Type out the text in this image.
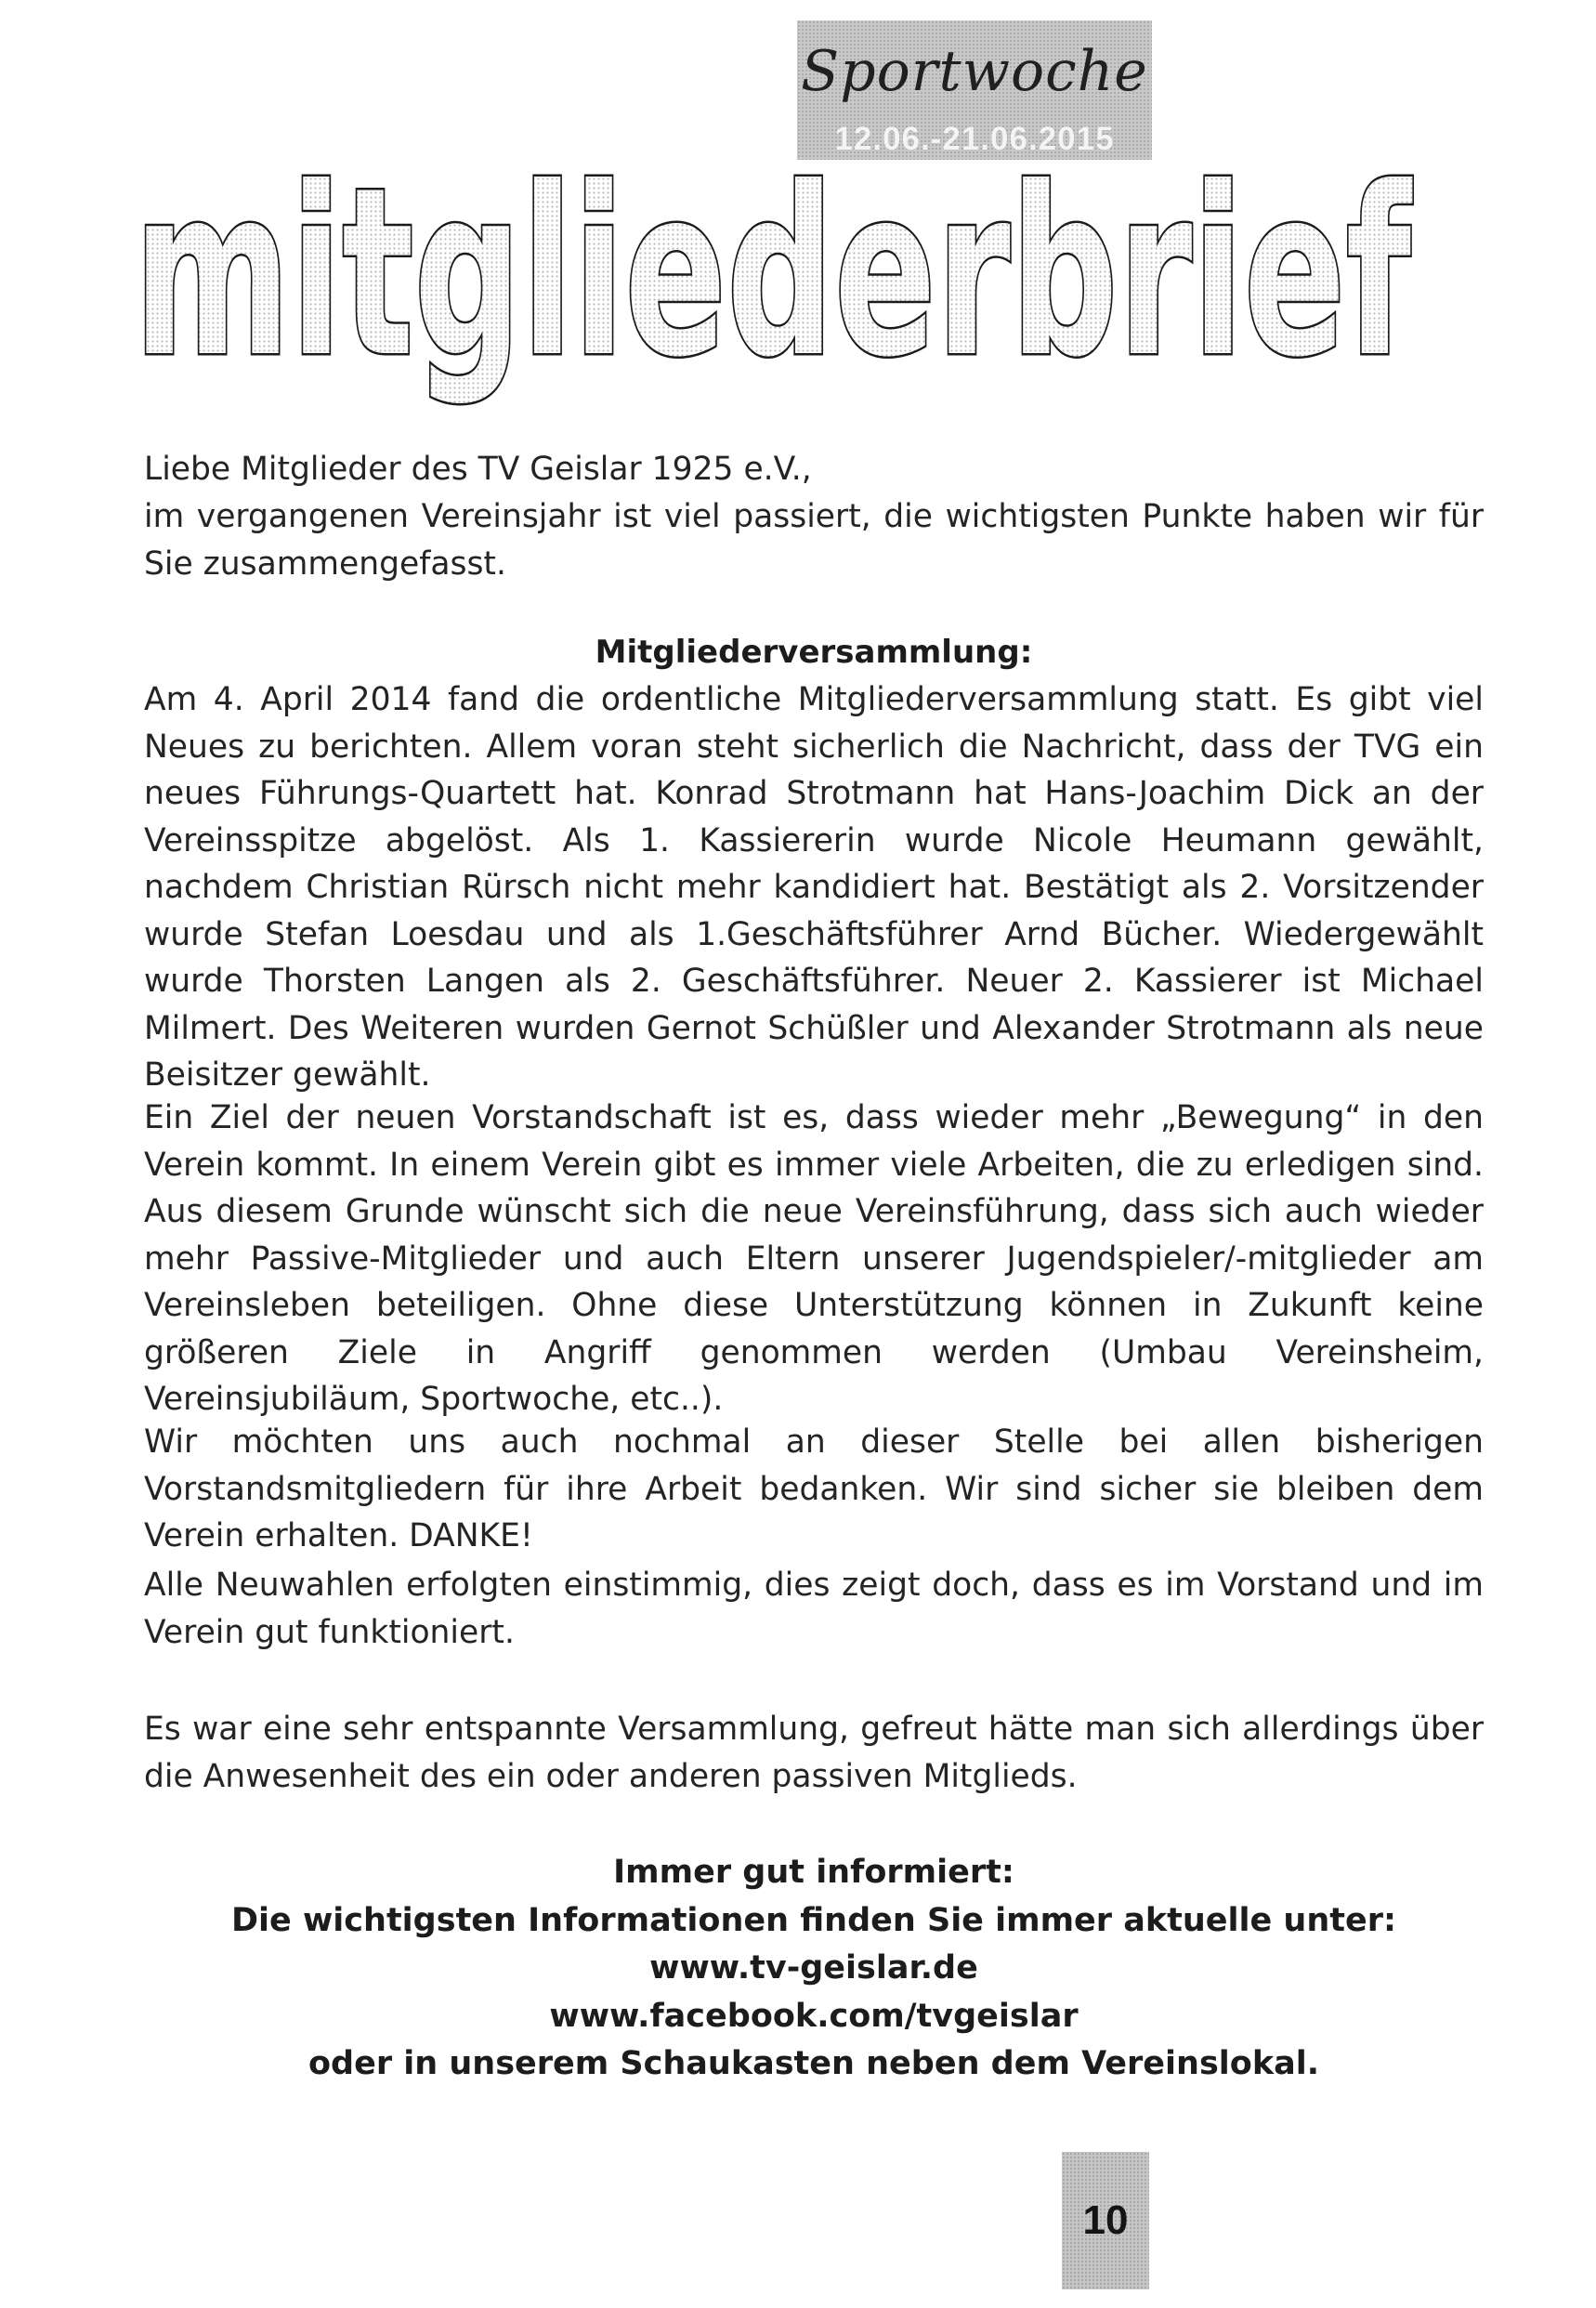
Sportwoche
12.06.-21.06.2015
mitgliederbrief

Liebe Mitglieder des TV Geislar 1925 e.V.,

im vergangenen Vereinsjahr ist viel passiert, die wichtigsten Punkte haben wir für Sie zusammengefasst.

Mitgliederversammlung:

Am 4. April 2014 fand die ordentliche Mitgliederversammlung statt. Es gibt viel Neues zu berichten. Allem voran steht sicherlich die Nachricht, dass der TVG ein neues Führungs-Quartett hat. Konrad Strotmann hat Hans-Joachim Dick an der Vereinsspitze abgelöst. Als 1. Kassiererin wurde Nicole Heumann gewählt, nachdem Christian Rürsch nicht mehr kandidiert hat. Bestätigt als 2. Vorsitzender wurde Stefan Loesdau und als 1.Geschäftsführer Arnd Bücher. Wiedergewählt wurde Thorsten Langen als 2. Geschäftsführer. Neuer 2. Kassierer ist Michael Milmert. Des Weiteren wurden Gernot Schüßler und Alexander Strotmann als neue Beisitzer gewählt.

Ein Ziel der neuen Vorstandschaft ist es, dass wieder mehr „Bewegung“ in den Verein kommt. In einem Verein gibt es immer viele Arbeiten, die zu erledigen sind. Aus diesem Grunde wünscht sich die neue Vereinsführung, dass sich auch wieder mehr Passive-Mitglieder und auch Eltern unserer Jugendspieler/-mitglieder am Vereinsleben beteiligen. Ohne diese Unterstützung können in Zukunft keine größeren Ziele in Angriff genommen werden (Umbau Vereinsheim, Vereinsjubiläum, Sportwoche, etc..).

Wir möchten uns auch nochmal an dieser Stelle bei allen bisherigen Vorstandsmitgliedern für ihre Arbeit bedanken. Wir sind sicher sie bleiben dem Verein erhalten. DANKE!

Alle Neuwahlen erfolgten einstimmig, dies zeigt doch, dass es im Vorstand und im Verein gut funktioniert.

Es war eine sehr entspannte Versammlung, gefreut hätte man sich allerdings über die Anwesenheit des ein oder anderen passiven Mitglieds.

Immer gut informiert:
Die wichtigsten Informationen finden Sie immer aktuelle unter:
www.tv-geislar.de
www.facebook.com/tvgeislar
oder in unserem Schaukasten neben dem Vereinslokal.
10
